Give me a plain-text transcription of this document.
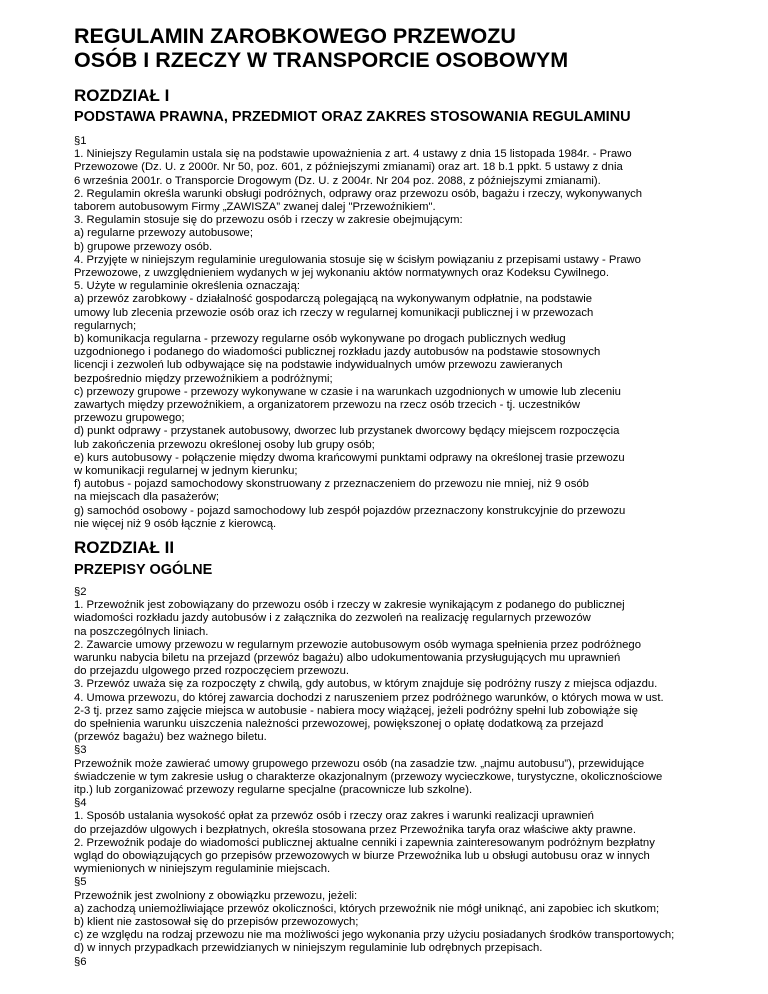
REGULAMIN ZAROBKOWEGO PRZEWOZU
OSÓB I RZECZY W TRANSPORCIE OSOBOWYM
ROZDZIAŁ I
PODSTAWA PRAWNA, PRZEDMIOT ORAZ ZAKRES STOSOWANIA REGULAMINU
§1
1. Niniejszy Regulamin ustala się na podstawie upoważnienia z art. 4 ustawy z dnia 15 listopada 1984r. - Prawo
Przewozowe (Dz. U. z 2000r. Nr 50, poz. 601, z późniejszymi zmianami) oraz art. 18 b.1 ppkt. 5 ustawy z dnia
6 września 2001r. o Transporcie Drogowym (Dz. U. z 2004r. Nr 204 poz. 2088, z późniejszymi zmianami).
2. Regulamin określa warunki obsługi podróżnych, odprawy oraz przewozu osób, bagażu i rzeczy, wykonywanych
taborem autobusowym Firmy „ZAWISZA” zwanej dalej "Przewoźnikiem".
3. Regulamin stosuje się do przewozu osób i rzeczy w zakresie obejmującym:
a) regularne przewozy autobusowe;
b) grupowe przewozy osób.
4. Przyjęte w niniejszym regulaminie uregulowania stosuje się w ścisłym powiązaniu z przepisami ustawy - Prawo
Przewozowe, z uwzględnieniem wydanych w jej wykonaniu aktów normatywnych oraz Kodeksu Cywilnego.
5. Użyte w regulaminie określenia oznaczają:
a) przewóz zarobkowy - działalność gospodarczą polegającą na wykonywanym odpłatnie, na podstawie
umowy lub zlecenia przewozie osób oraz ich rzeczy w regularnej komunikacji publicznej i w przewozach
regularnych;
b) komunikacja regularna - przewozy regularne osób wykonywane po drogach publicznych według
uzgodnionego i podanego do wiadomości publicznej rozkładu jazdy autobusów na podstawie stosownych
licencji i zezwoleń lub odbywające się na podstawie indywidualnych umów przewozu zawieranych
bezpośrednio między przewoźnikiem a podróżnymi;
c) przewozy grupowe - przewozy wykonywane w czasie i na warunkach uzgodnionych w umowie lub zleceniu
zawartych między przewoźnikiem, a organizatorem przewozu na rzecz osób trzecich - tj. uczestników
przewozu grupowego;
d) punkt odprawy - przystanek autobusowy, dworzec lub przystanek dworcowy będący miejscem rozpoczęcia
lub zakończenia przewozu określonej osoby lub grupy osób;
e) kurs autobusowy - połączenie między dwoma krańcowymi punktami odprawy na określonej trasie przewozu
w komunikacji regularnej w jednym kierunku;
f) autobus - pojazd samochodowy skonstruowany z przeznaczeniem do przewozu nie mniej, niż 9 osób
na miejscach dla pasażerów;
g) samochód osobowy - pojazd samochodowy lub zespół pojazdów przeznaczony konstrukcyjnie do przewozu
nie więcej niż 9 osób łącznie z kierowcą.
ROZDZIAŁ II
PRZEPISY OGÓLNE
§2
1. Przewoźnik jest zobowiązany do przewozu osób i rzeczy w zakresie wynikającym z podanego do publicznej
wiadomości rozkładu jazdy autobusów i z załącznika do zezwoleń na realizację regularnych przewozów
na poszczególnych liniach.
2. Zawarcie umowy przewozu w regularnym przewozie autobusowym osób wymaga spełnienia przez podróżnego
warunku nabycia biletu na przejazd (przewóz bagażu) albo udokumentowania przysługujących mu uprawnień
do przejazdu ulgowego przed rozpoczęciem przewozu.
3. Przewóz uważa się za rozpoczęty z chwilą, gdy autobus, w którym znajduje się podróżny ruszy z miejsca odjazdu.
4. Umowa przewozu, do której zawarcia dochodzi z naruszeniem przez podróżnego warunków, o których mowa w ust.
2-3 tj. przez samo zajęcie miejsca w autobusie - nabiera mocy wiążącej, jeżeli podróżny spełni lub zobowiąże się
do spełnienia warunku uiszczenia należności przewozowej, powiększonej o opłatę dodatkową za przejazd
(przewóz bagażu) bez ważnego biletu.
§3
Przewoźnik może zawierać umowy grupowego przewozu osób (na zasadzie tzw. „najmu autobusu”), przewidujące
świadczenie w tym zakresie usług o charakterze okazjonalnym (przewozy wycieczkowe, turystyczne, okolicznościowe
itp.) lub zorganizować przewozy regularne specjalne (pracownicze lub szkolne).
§4
1. Sposób ustalania wysokość opłat za przewóz osób i rzeczy oraz zakres i warunki realizacji uprawnień
do przejazdów ulgowych i bezpłatnych, określa stosowana przez Przewoźnika taryfa oraz właściwe akty prawne.
2. Przewoźnik podaje do wiadomości publicznej aktualne cenniki i zapewnia zainteresowanym podróżnym bezpłatny
wgląd do obowiązujących go przepisów przewozowych w biurze Przewoźnika lub u obsługi autobusu oraz w innych
wymienionych w niniejszym regulaminie miejscach.
§5
Przewoźnik jest zwolniony z obowiązku przewozu, jeżeli:
a) zachodzą uniemożliwiające przewóz okoliczności, których przewoźnik nie mógł uniknąć, ani zapobiec ich skutkom;
b) klient nie zastosował się do przepisów przewozowych;
c) ze względu na rodzaj przewozu nie ma możliwości jego wykonania przy użyciu posiadanych środków transportowych;
d) w innych przypadkach przewidzianych w niniejszym regulaminie lub odrębnych przepisach.
§6
